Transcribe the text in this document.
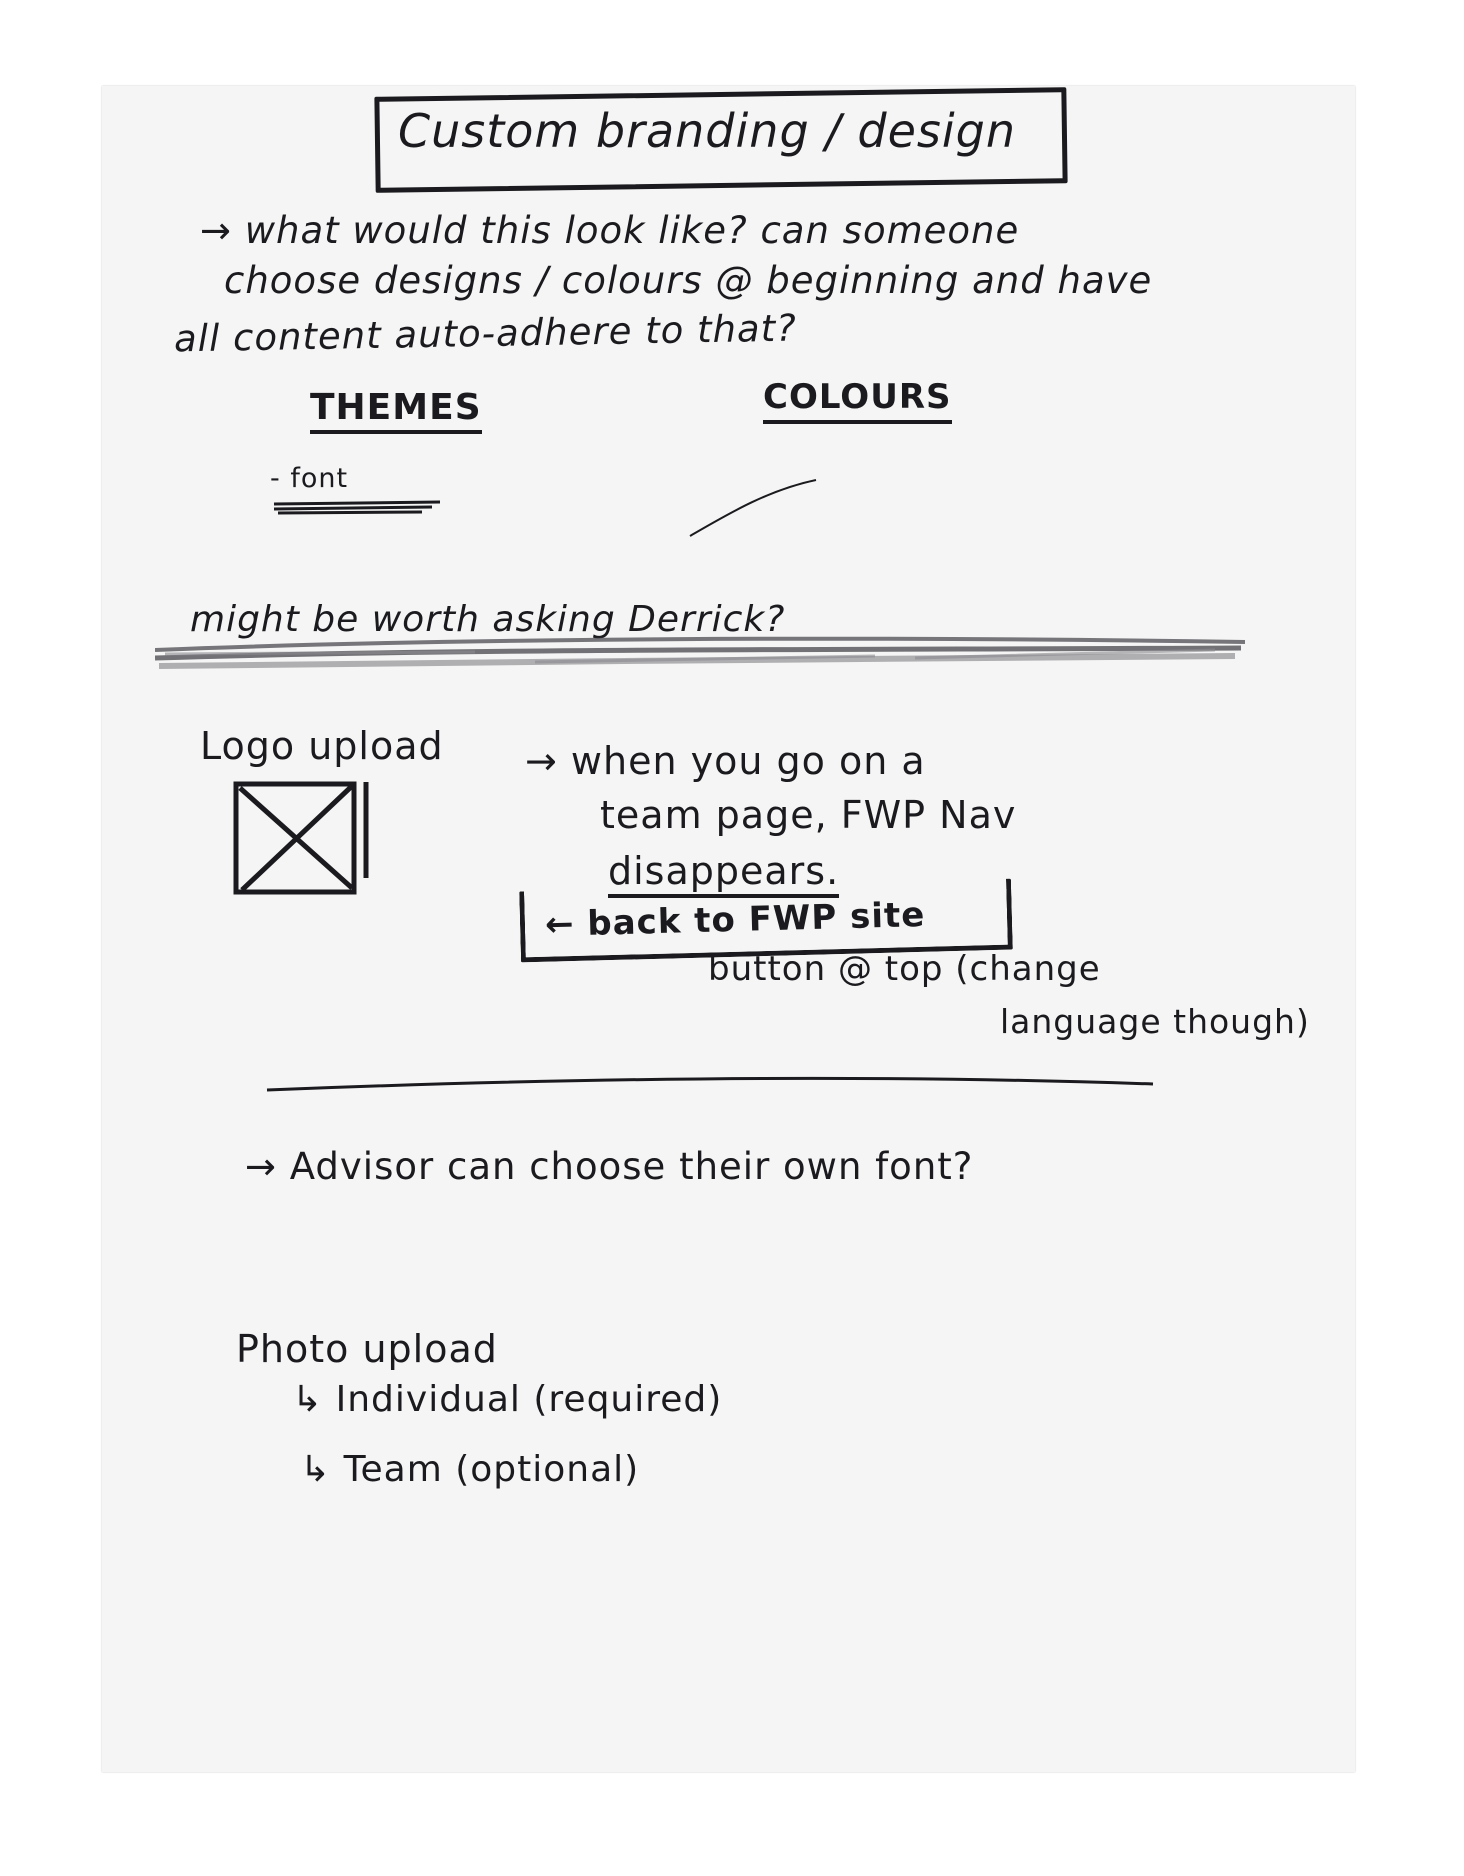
Custom branding / design
→ what would this look like? can someone
choose designs / colours @ beginning and have
all content auto-adhere to that?
THEMES	COLOURS
- font
might be worth asking Derrick?
Logo upload → when you go on a
team page, FWP Nav
disappears.
← back to FWP site
button @ top (change
language though)
→ Advisor can choose their own font?
Photo upload
↳ Individual (required)
↳ Team (optional)
